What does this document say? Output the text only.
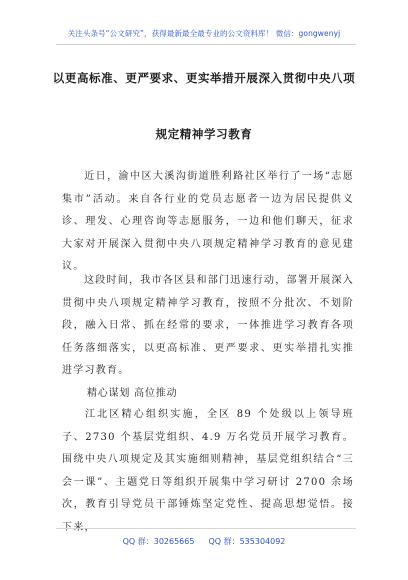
关注头条号“公文研究”，获得最新最全最专业的公文资料库！ 微信：gongwenyj
以更高标准、更严要求、更实举措开展深入贯彻中央八项
规定精神学习教育
近日，渝中区大溪沟街道胜利路社区举行了一场“志愿集市”活动。来自各行业的党员志愿者一边为居民提供义诊、理发、心理咨询等志愿服务，一边和他们聊天，征求大家对开展深入贯彻中央八项规定精神学习教育的意见建议。
这段时间，我市各区县和部门迅速行动，部署开展深入贯彻中央八项规定精神学习教育，按照不分批次、不划阶段，融入日常、抓在经常的要求，一体推进学习教育各项任务落细落实，以更高标准、更严要求、更实举措扎实推进学习教育。
精心谋划 高位推动
江北区精心组织实施，全区 89 个处级以上领导班子、2730 个基层党组织、4.9 万名党员开展学习教育。围绕中央八项规定及其实施细则精神，基层党组织结合“三会一课”、主题党日等组织开展集中学习研讨 2700 余场次，教育引导党员干部锤炼坚定党性、提高思想觉悟。接下来，
QQ 群：30265665 QQ 群：535304092
